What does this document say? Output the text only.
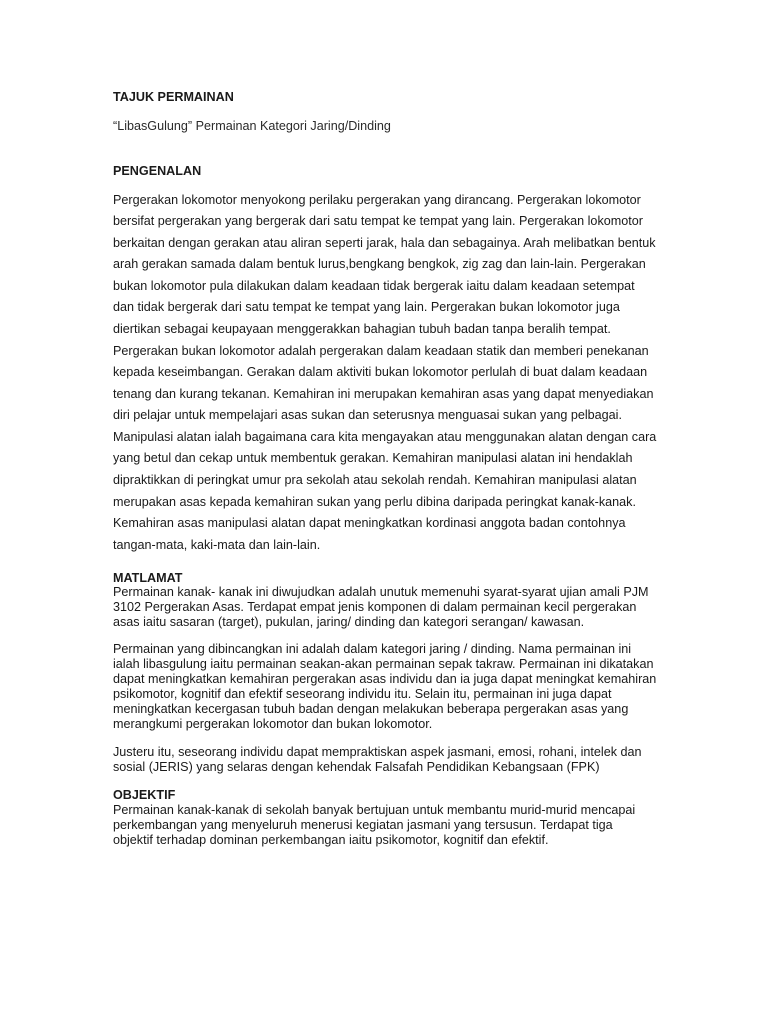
TAJUK PERMAINAN
“LibasGulung” Permainan Kategori Jaring/Dinding
PENGENALAN
Pergerakan lokomotor menyokong perilaku pergerakan yang dirancang. Pergerakan lokomotor
bersifat pergerakan yang bergerak dari satu tempat ke tempat yang lain. Pergerakan lokomotor
berkaitan dengan gerakan atau aliran seperti jarak, hala dan sebagainya. Arah melibatkan bentuk
arah gerakan samada dalam bentuk lurus,bengkang bengkok, zig zag dan lain-lain. Pergerakan
bukan lokomotor pula dilakukan dalam keadaan tidak bergerak iaitu dalam keadaan setempat
dan tidak bergerak dari satu tempat ke tempat yang lain. Pergerakan bukan lokomotor juga
diertikan sebagai keupayaan menggerakkan bahagian tubuh badan tanpa beralih tempat.
Pergerakan bukan lokomotor adalah pergerakan dalam keadaan statik dan memberi penekanan
kepada keseimbangan. Gerakan dalam aktiviti bukan lokomotor perlulah di buat dalam keadaan
tenang dan kurang tekanan. Kemahiran ini merupakan kemahiran asas yang dapat menyediakan
diri pelajar untuk mempelajari asas sukan dan seterusnya menguasai sukan yang pelbagai.
Manipulasi alatan ialah bagaimana cara kita mengayakan atau menggunakan alatan dengan cara
yang betul dan cekap untuk membentuk gerakan. Kemahiran manipulasi alatan ini hendaklah
dipraktikkan di peringkat umur pra sekolah atau sekolah rendah. Kemahiran manipulasi alatan
merupakan asas kepada kemahiran sukan yang perlu dibina daripada peringkat kanak-kanak.
Kemahiran asas manipulasi alatan dapat meningkatkan kordinasi anggota badan contohnya
tangan-mata, kaki-mata dan lain-lain.
MATLAMAT
Permainan kanak- kanak ini diwujudkan adalah unutuk memenuhi syarat-syarat ujian amali PJM
3102 Pergerakan Asas. Terdapat empat jenis komponen di dalam permainan kecil pergerakan
asas iaitu sasaran (target), pukulan, jaring/ dinding dan kategori serangan/ kawasan.
Permainan yang dibincangkan ini adalah dalam kategori jaring / dinding. Nama permainan ini
ialah libasgulung iaitu permainan seakan-akan permainan sepak takraw. Permainan ini dikatakan
dapat meningkatkan kemahiran pergerakan asas individu dan ia juga dapat meningkat kemahiran
psikomotor, kognitif dan efektif seseorang individu itu. Selain itu, permainan ini juga dapat
meningkatkan kecergasan tubuh badan dengan melakukan beberapa pergerakan asas yang
merangkumi pergerakan lokomotor dan bukan lokomotor.
Justeru itu, seseorang individu dapat mempraktiskan aspek jasmani, emosi, rohani, intelek dan
sosial (JERIS) yang selaras dengan kehendak Falsafah Pendidikan Kebangsaan (FPK)
OBJEKTIF
Permainan kanak-kanak di sekolah banyak bertujuan untuk membantu murid-murid mencapai
perkembangan yang menyeluruh menerusi kegiatan jasmani yang tersusun. Terdapat tiga
objektif terhadap dominan perkembangan iaitu psikomotor, kognitif dan efektif.
